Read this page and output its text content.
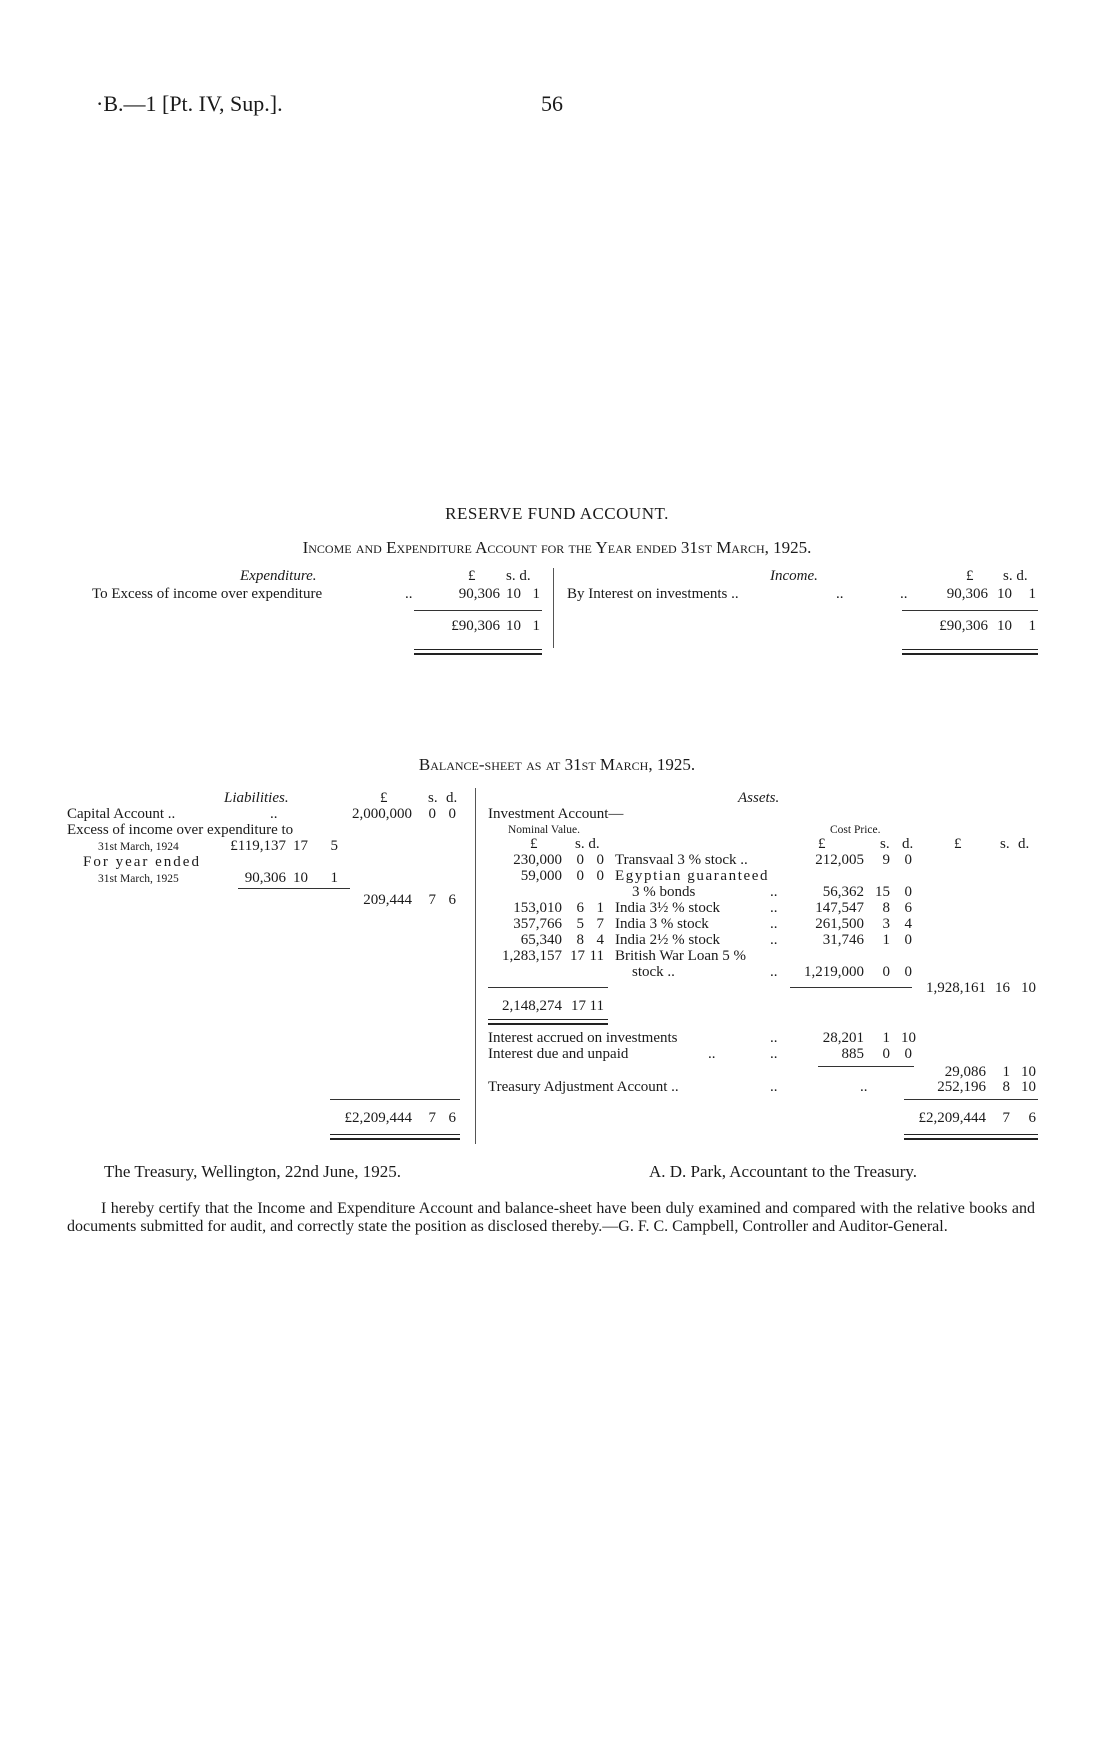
·B.—1 [Pt. IV, Sup.].	56
RESERVE FUND ACCOUNT.
Income and Expenditure Account for the Year ended 31st March, 1925.
Expenditure.	£ s. d.
To Excess of income over expenditure	..	90,306 10 1
£90,306 10 1
Income.	£ s. d.
By Interest on investments ..	..	..	90,306 10	1
£90,306 10	1
Balance-sheet as at 31st March, 1925.
Liabilities.	£	s. d.
Capital Account ..	..	2,000,000	0 0
Excess of income over expenditure to
31st March, 1924	£119,137 17	5
For year ended
31st March, 1925	90,306 10	1
209,444	7 6
£2,209,444	7 6
Assets.
Investment Account—
Nominal Value.	Cost Price.
£	s. d.	£	s. d.	£	s. d.
230,000 0 0 Transvaal 3 % stock ..	212,005	9 0
59,000 0 0 Egyptian guaranteed
3 % bonds	..	56,362 15 0
153,010 6 1 India 3½ % stock	..	147,547	8 6
357,766 5 7 India 3 % stock	..	261,500	3 4
65,340 8 4 India 2½ % stock	..	31,746	1 0
1,283,157 17 11 British War Loan 5 %
stock ..	..	1,219,000	0 0
1,928,161 16 10
2,148,274 17 11
Interest accrued on investments	..	28,201	1 10
Interest due and unpaid	..	..	885	0 0
29,086	1 10
Treasury Adjustment Account ..	..	..	252,196	8 10
£2,209,444	7	6
The Treasury, Wellington, 22nd June, 1925.	A. D. Park, Accountant to the Treasury.
I hereby certify that the Income and Expenditure Account and balance-sheet have been duly examined and compared with the relative books and documents submitted for audit, and correctly state the position as disclosed thereby.—G. F. C. Campbell, Controller and Auditor-General.
